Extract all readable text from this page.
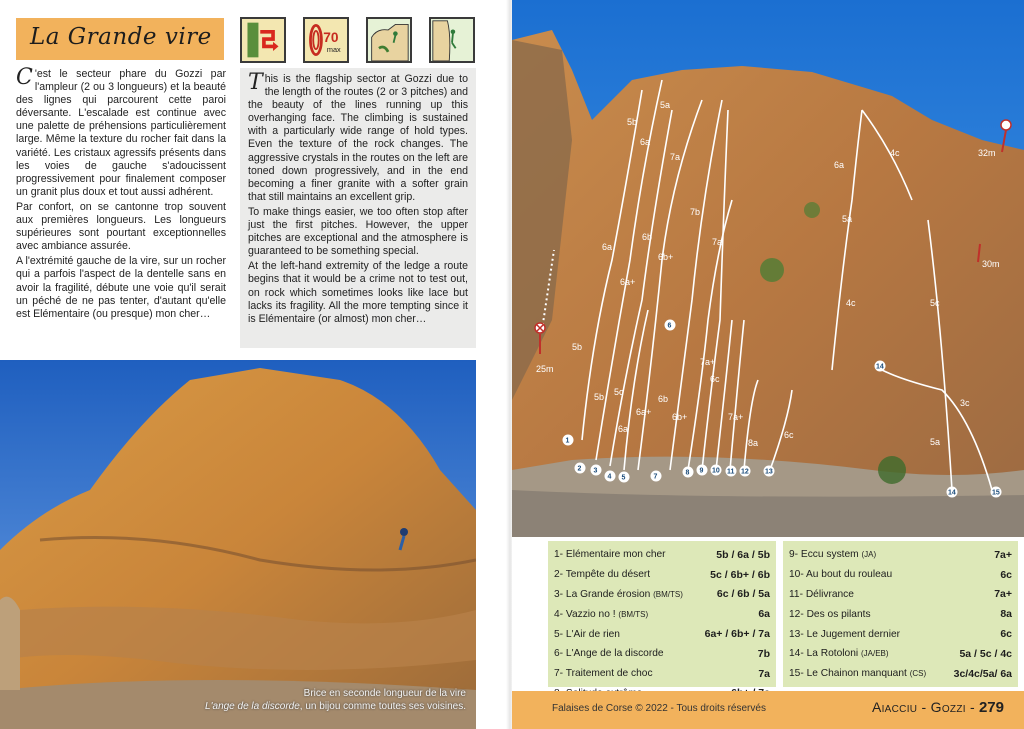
La Grande vire	70
max

C 'est le secteur phare du Gozzi par l'ampleur (2 ou 3 longueurs) et la beauté des lignes qui parcourent cette paroi déversante. L'escalade est continue avec une palette de préhensions particulièrement large. Même la texture du rocher fait dans la variété. Les cristaux agressifs présents dans les voies de gauche s'adoucissent progressivement pour finalement composer un granit plus doux et tout aussi adhérent.

Par confort, on se cantonne trop souvent aux premières longueurs. Les longueurs supérieures sont pourtant exceptionnelles avec ambiance assurée.

A l'extrémité gauche de la vire, sur un rocher qui a parfois l'aspect de la dentelle sans en avoir la fragilité, débute une voie qu'il serait un péché de ne pas tenter, d'autant qu'elle est Elémentaire (ou presque) mon cher…

This is the flagship sector at Gozzi due to the length of the routes (2 or 3 pitches) and the beauty of the lines running up this overhanging face. The climbing is sustained with a particularly wide range of hold types. Even the texture of the rock changes. The aggressive crystals in the routes on the left are toned down progressively, and in the end becoming a finer granite with a softer grain that still maintains an excellent grip.

To make things easier, we too often stop after just the first pitches. However, the upper pitches are exceptional and the atmosphere is guaranteed to be something special.

At the left-hand extremity of the ledge a route begins that it would be a crime not to test out, on rock which sometimes looks like lace but lacks its fragility. All the more tempting since it is Elémentaire (or almost) mon cher…

Brice en seconde longueur de la vire
L'ange de la discorde, un bijou comme toutes ses voisines.
5b
5b
5a
6a
6a
7a
7b
6b
6b+
6a+
5b 5c
6a
6a+
6b
6b+
7a
7a+
6c
7a+
8a
6c
6a
4c
5a
4c	5c
3c
5a
25m
32m
30m
1
2 3
4 5
6
7
8 9 10 11 12 13
14
14	15
1- Elémentaire mon cher	5b / 6a / 5b
2- Tempête du désert	5c / 6b+ / 6b
3- La Grande érosion (BM/TS)	6c / 6b / 5a
4- Vazzio no ! (BM/TS)	6a
5- L'Air de rien	6a+ / 6b+ / 7a
6- L'Ange de la discorde	7b
7- Traitement de choc	7a
9- Eccu system (JA)	7a+
10- Au bout du rouleau	6c
11- Délivrance	7a+
12- Des os pilants	8a
13- Le Jugement dernier	6c
14- La Rotoloni (JA/EB)	5a / 5c / 4c
15- Le Chainon manquant (CS)	3c/4c/5a/ 6a
Falaises de Corse © 2022 - Tous droits réservés	Aiacciu - Gozzi - 279
